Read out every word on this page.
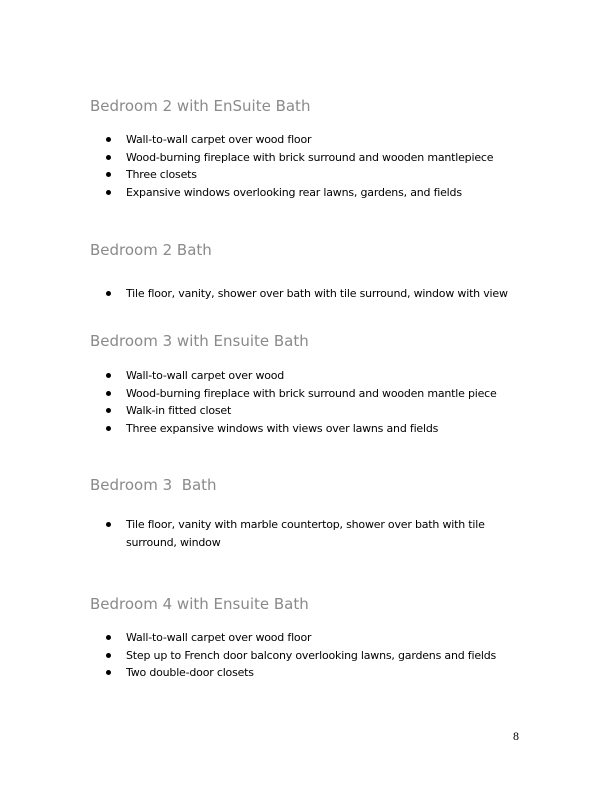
Bedroom 2 with EnSuite Bath
Wall-to-wall carpet over wood floor
Wood-burning fireplace with brick surround and wooden mantlepiece
Three closets
Expansive windows overlooking rear lawns, gardens, and fields
Bedroom 2 Bath
Tile floor, vanity, shower over bath with tile surround, window with view
Bedroom 3 with Ensuite Bath
Wall-to-wall carpet over wood
Wood-burning fireplace with brick surround and wooden mantle piece
Walk-in fitted closet
Three expansive windows with views over lawns and fields
Bedroom 3  Bath
Tile floor, vanity with marble countertop, shower over bath with tile surround, window
Bedroom 4 with Ensuite Bath
Wall-to-wall carpet over wood floor
Step up to French door balcony overlooking lawns, gardens and fields
Two double-door closets
8
